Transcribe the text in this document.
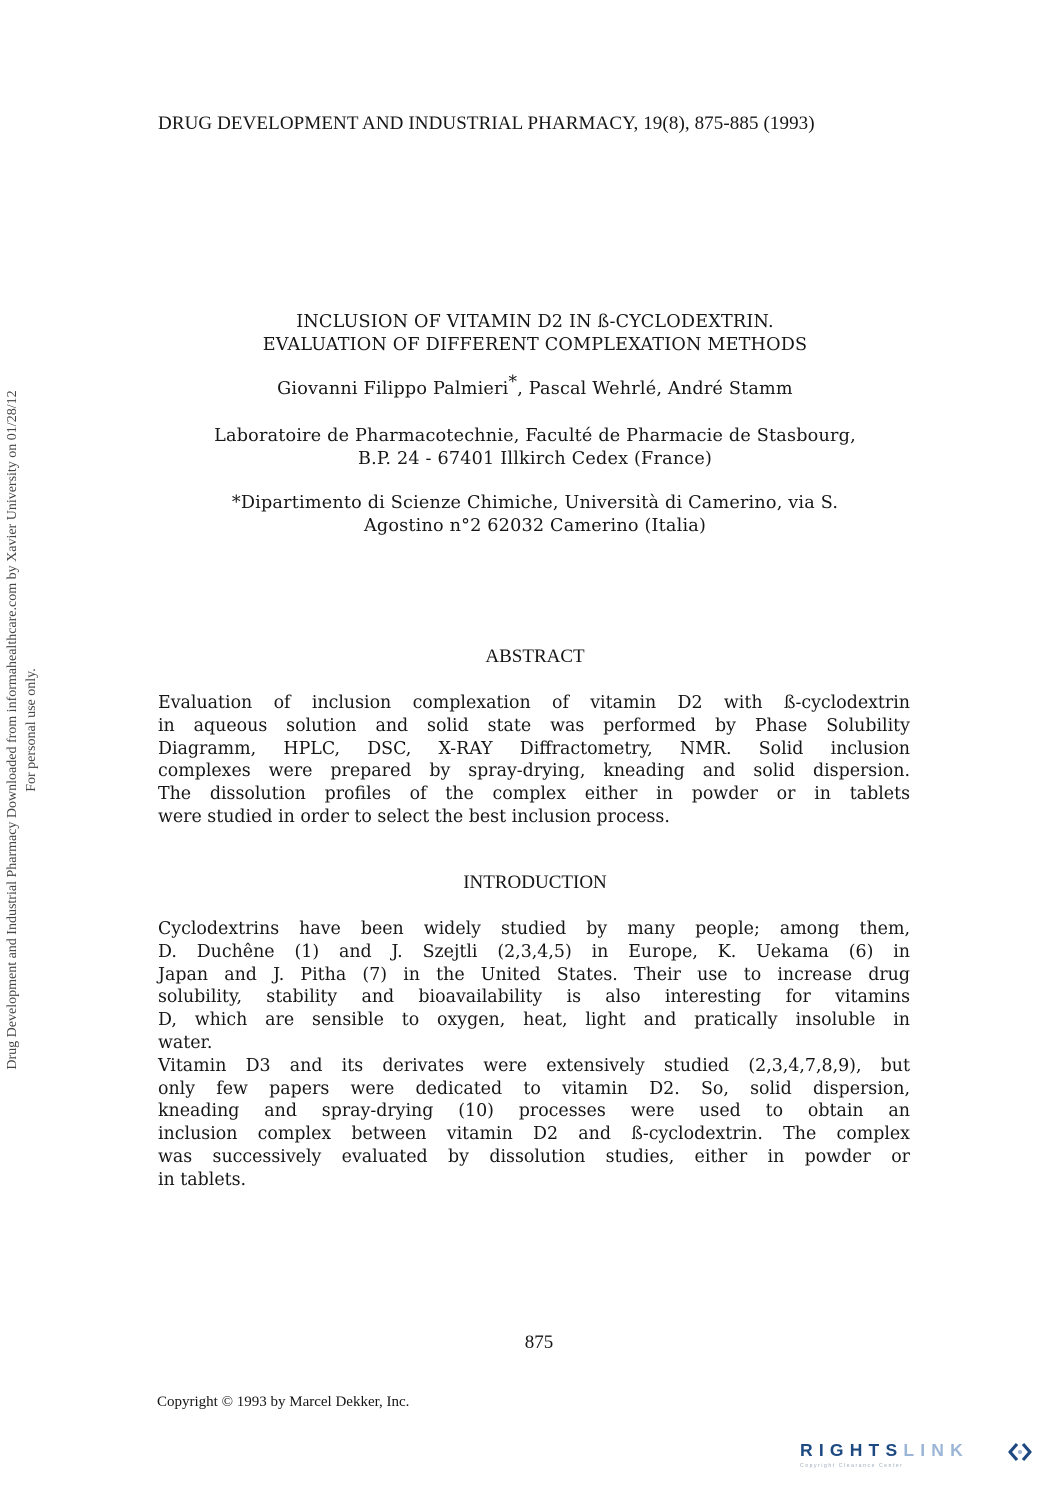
DRUG DEVELOPMENT AND INDUSTRIAL PHARMACY, 19(8), 875-885 (1993)
INCLUSION OF VITAMIN D2 IN ß-CYCLODEXTRIN.
EVALUATION OF DIFFERENT COMPLEXATION METHODS
Giovanni Filippo Palmieri*, Pascal Wehrlé, André Stamm
Laboratoire de Pharmacotechnie, Faculté de Pharmacie de Stasbourg,
B.P. 24 - 67401 Illkirch Cedex (France)
*Dipartimento di Scienze Chimiche, Università di Camerino, via S.
Agostino n°2 62032 Camerino (Italia)
ABSTRACT
Evaluation of inclusion complexation of vitamin D2 with ß-cyclodextrin
in aqueous solution and solid state was performed by Phase Solubility
Diagramm, HPLC, DSC, X-RAY Diffractometry, NMR. Solid inclusion
complexes were prepared by spray-drying, kneading and solid dispersion.
The dissolution profiles of the complex either in powder or in tablets
were studied in order to select the best inclusion process.
INTRODUCTION
Cyclodextrins have been widely studied by many people; among them,
D. Duchêne (1) and J. Szejtli (2,3,4,5) in Europe, K. Uekama (6) in
Japan and J. Pitha (7) in the United States. Their use to increase drug
solubility, stability and bioavailability is also interesting for vitamins
D, which are sensible to oxygen, heat, light and pratically insoluble in
water.
Vitamin D3 and its derivates were extensively studied (2,3,4,7,8,9), but
only few papers were dedicated to vitamin D2. So, solid dispersion,
kneading and spray-drying (10) processes were used to obtain an
inclusion complex between vitamin D2 and ß-cyclodextrin. The complex
was successively evaluated by dissolution studies, either in powder or
in tablets.
875
Copyright © 1993 by Marcel Dekker, Inc.
Drug Development and Industrial Pharmacy Downloaded from informahealthcare.com by Xavier University on 01/28/12 For personal use only.
RIGHTSLINK
Copyright Clearance Center
